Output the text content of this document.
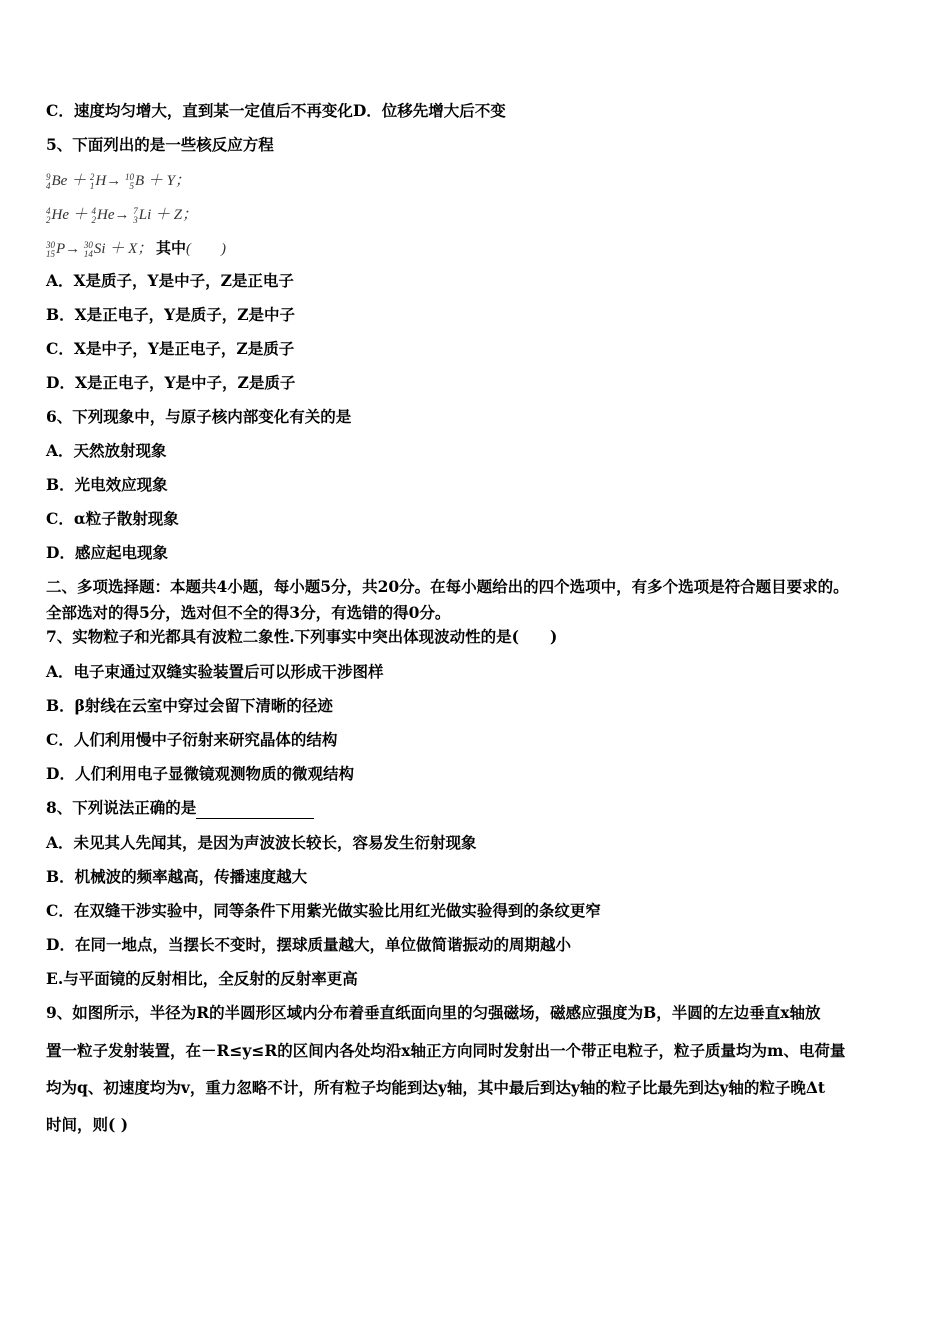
C．速度均匀增大，直到某一定值后不再变化D．位移先增大后不变
5、下面列出的是一些核反应方程
9
4 Be ＋ 2
1 H→ 10
5 B ＋ Y；
4
2 He ＋ 4
2 He→ 7
3 Li ＋ Z；
30
15 P→ 30
14 Si ＋ X； 其中(　　)
A．X是质子，Y是中子，Z是正电子
B．X是正电子，Y是质子，Z是中子
C．X是中子，Y是正电子，Z是质子
D．X是正电子，Y是中子，Z是质子
6、下列现象中，与原子核内部变化有关的是
A．天然放射现象
B．光电效应现象
C．α粒子散射现象
D．感应起电现象
二、多项选择题：本题共4小题，每小题5分，共20分。在每小题给出的四个选项中，有多个选项是符合题目要求的。
全部选对的得5分，选对但不全的得3分，有选错的得0分。
7、实物粒子和光都具有波粒二象性.下列事实中突出体现波动性的是(　　)
A．电子束通过双缝实验装置后可以形成干涉图样
B．β射线在云室中穿过会留下清晰的径迹
C．人们利用慢中子衍射来研究晶体的结构
D．人们利用电子显微镜观测物质的微观结构
8、下列说法正确的是
A．未见其人先闻其，是因为声波波长较长，容易发生衍射现象
B．机械波的频率越高，传播速度越大
C．在双缝干涉实验中，同等条件下用紫光做实验比用红光做实验得到的条纹更窄
D．在同一地点，当摆长不变时，摆球质量越大，单位做简谐振动的周期越小
E.与平面镜的反射相比，全反射的反射率更高
9、如图所示，半径为R的半圆形区域内分布着垂直纸面向里的匀强磁场，磁感应强度为B，半圆的左边垂直x轴放
置一粒子发射装置，在－R≤y≤R的区间内各处均沿x轴正方向同时发射出一个带正电粒子，粒子质量均为m、电荷量
均为q、初速度均为v，重力忽略不计，所有粒子均能到达y轴，其中最后到达y轴的粒子比最先到达y轴的粒子晚Δt
时间，则( )
